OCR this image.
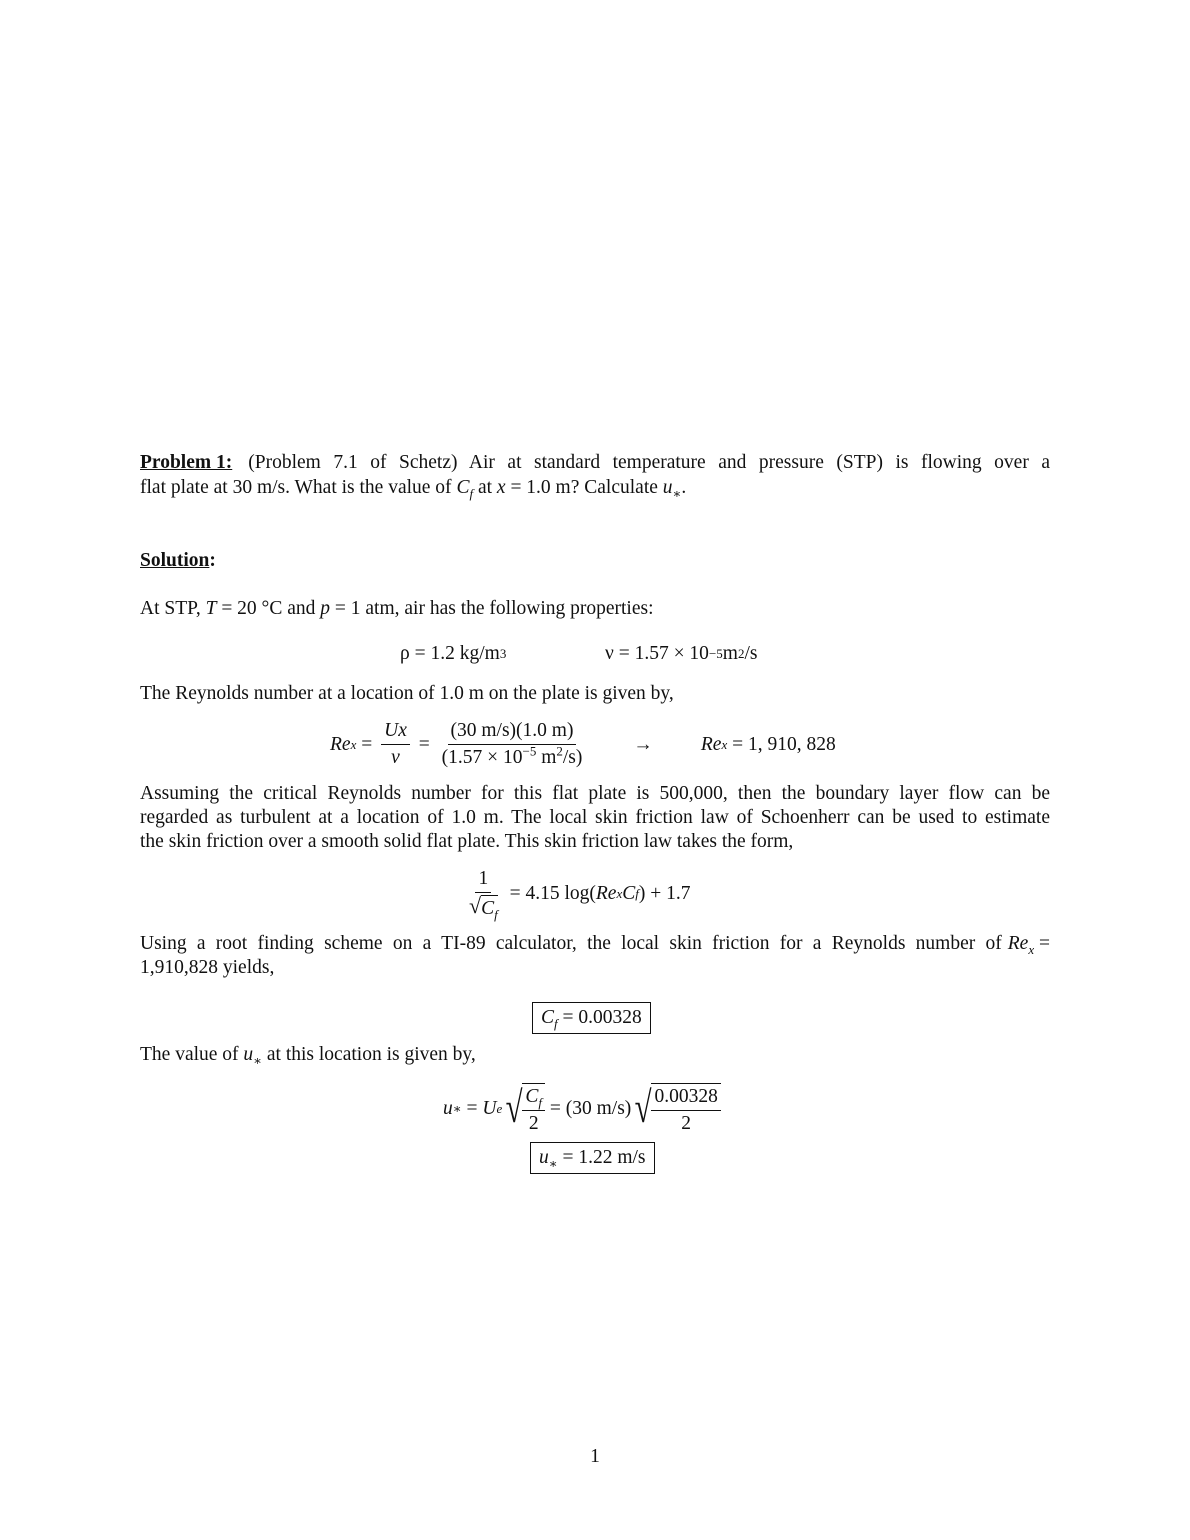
Problem 1: (Problem 7.1 of Schetz) Air at standard temperature and pressure (STP) is flowing over a
flat plate at 30 m/s. What is the value of $C_f$ at x = 1.0 m? Calculate $u_∗$.
Solution:
At STP, T = 20 °C and p = 1 atm, air has the following properties:
ρ = 1.2 kg/m 3	ν = 1.57 × 10 −5 m 2 /s
The Reynolds number at a location of 1.0 m on the plate is given by,
Re $x = \frac{Ux}{\nu} = \frac{(30 m/s)(1.0 m)}{(1.57 \times 10^{-5} m^2/s)} \to Re$ x = 1, 910, 828
Assuming the critical Reynolds number for this flat plate is 500,000, then the boundary layer flow can be
regarded as turbulent at a location of 1.0 m. The local skin friction law of Schoenherr can be used to estimate
the skin friction over a smooth solid flat plate. This skin friction law takes the form,
$\frac{1}{√ C_f} = 4.15$ log( Re x C f ) + 1.7
Using a root finding scheme on a TI-89 calculator, the local skin friction for a Reynolds number of $Re_x$ =
1,910,828 yields,
$C_f = 0.00328$
The value of $u_∗$ at this location is given by,
u ∗ = U e √ $\frac{C_f}{2} = (30$ m/s) √ $\frac{0.00328}{2}$
$u_∗ = 1.22$ m/s
1
